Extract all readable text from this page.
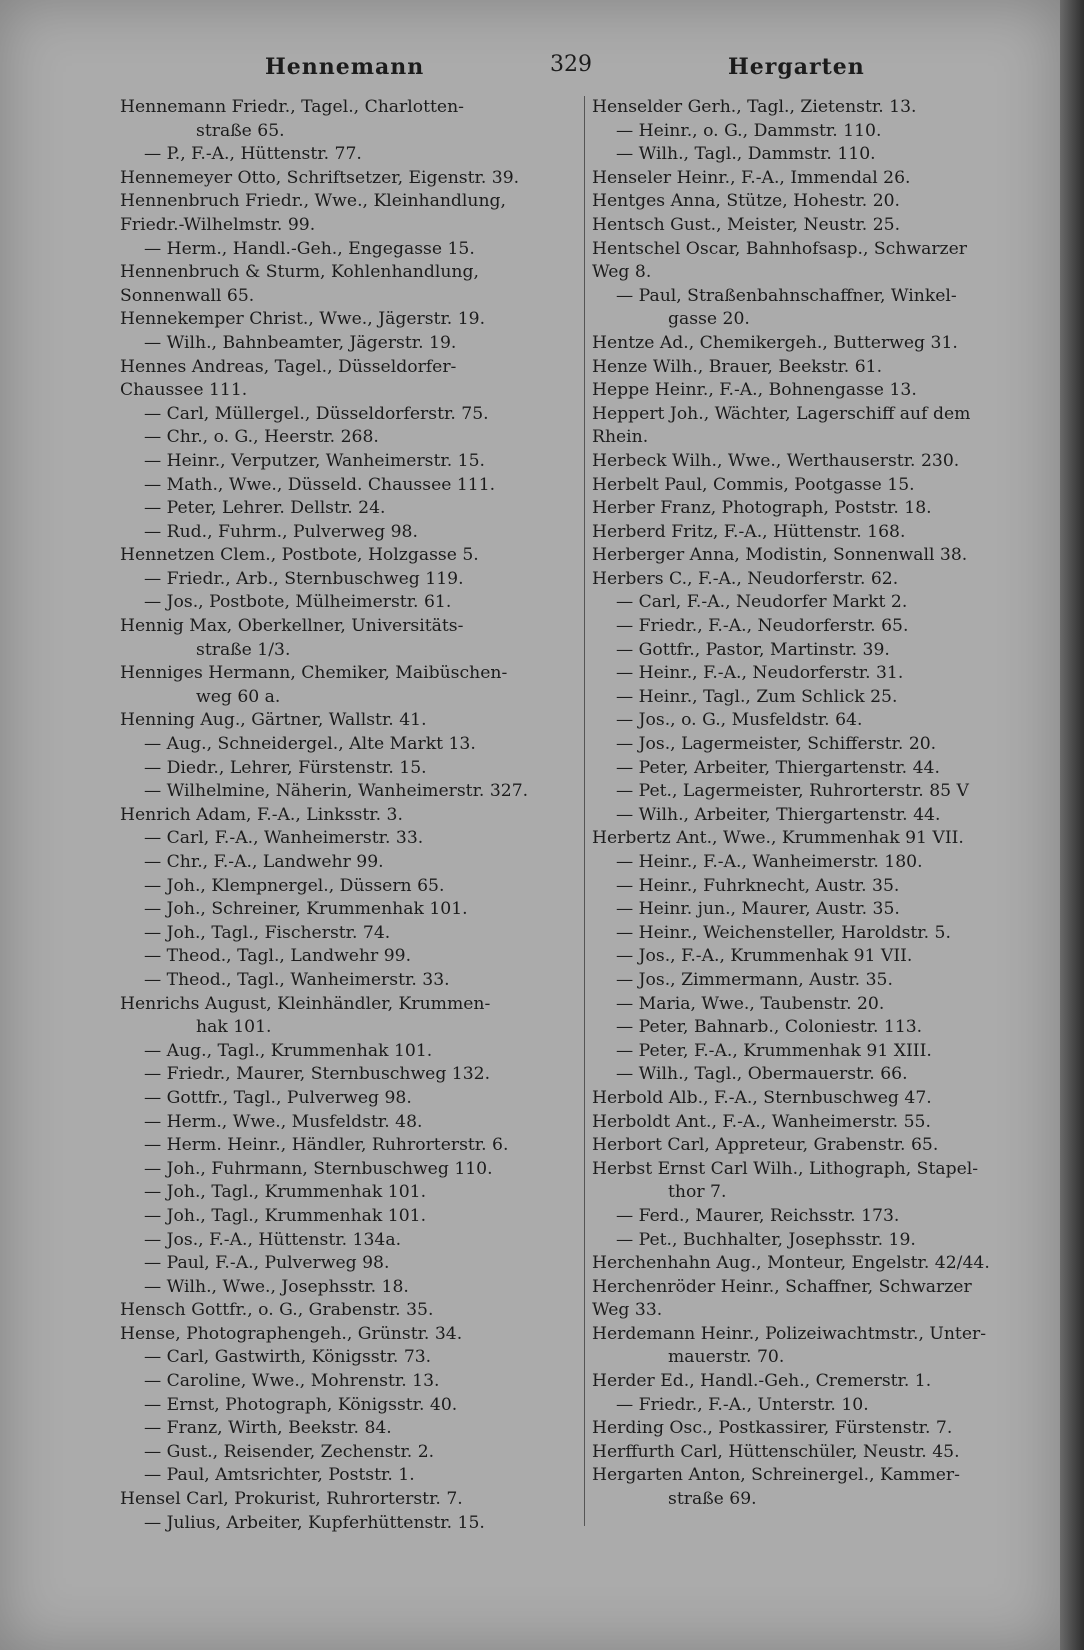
Hennemann	329	Hergarten
Hennemann Friedr., Tagel., Charlotten-
straße 65.
— P., F.-A., Hüttenstr. 77.
Hennemeyer Otto, Schriftsetzer, Eigenstr. 39.
Hennenbruch Friedr., Wwe., Kleinhandlung,
Friedr.-Wilhelmstr. 99.
— Herm., Handl.-Geh., Engegasse 15.
Hennenbruch & Sturm, Kohlenhandlung,
Sonnenwall 65.
Hennekemper Christ., Wwe., Jägerstr. 19.
— Wilh., Bahnbeamter, Jägerstr. 19.
Hennes Andreas, Tagel., Düsseldorfer-
Chaussee 111.
— Carl, Müllergel., Düsseldorferstr. 75.
— Chr., o. G., Heerstr. 268.
— Heinr., Verputzer, Wanheimerstr. 15.
— Math., Wwe., Düsseld. Chaussee 111.
— Peter, Lehrer. Dellstr. 24.
— Rud., Fuhrm., Pulverweg 98.
Hennetzen Clem., Postbote, Holzgasse 5.
— Friedr., Arb., Sternbuschweg 119.
— Jos., Postbote, Mülheimerstr. 61.
Hennig Max, Oberkellner, Universitäts-
straße 1/3.
Henniges Hermann, Chemiker, Maibüschen-
weg 60 a.
Henning Aug., Gärtner, Wallstr. 41.
— Aug., Schneidergel., Alte Markt 13.
— Diedr., Lehrer, Fürstenstr. 15.
— Wilhelmine, Näherin, Wanheimerstr. 327.
Henrich Adam, F.-A., Linksstr. 3.
— Carl, F.-A., Wanheimerstr. 33.
— Chr., F.-A., Landwehr 99.
— Joh., Klempnergel., Düssern 65.
— Joh., Schreiner, Krummenhak 101.
— Joh., Tagl., Fischerstr. 74.
— Theod., Tagl., Landwehr 99.
— Theod., Tagl., Wanheimerstr. 33.
Henrichs August, Kleinhändler, Krummen-
hak 101.
— Aug., Tagl., Krummenhak 101.
— Friedr., Maurer, Sternbuschweg 132.
— Gottfr., Tagl., Pulverweg 98.
— Herm., Wwe., Musfeldstr. 48.
— Herm. Heinr., Händler, Ruhrorterstr. 6.
— Joh., Fuhrmann, Sternbuschweg 110.
— Joh., Tagl., Krummenhak 101.
— Joh., Tagl., Krummenhak 101.
— Jos., F.-A., Hüttenstr. 134a.
— Paul, F.-A., Pulverweg 98.
— Wilh., Wwe., Josephsstr. 18.
Hensch Gottfr., o. G., Grabenstr. 35.
Hense, Photographengeh., Grünstr. 34.
— Carl, Gastwirth, Königsstr. 73.
— Caroline, Wwe., Mohrenstr. 13.
— Ernst, Photograph, Königsstr. 40.
— Franz, Wirth, Beekstr. 84.
— Gust., Reisender, Zechenstr. 2.
— Paul, Amtsrichter, Poststr. 1.
Hensel Carl, Prokurist, Ruhrorterstr. 7.
— Julius, Arbeiter, Kupferhüttenstr. 15.
Henselder Gerh., Tagl., Zietenstr. 13.
— Heinr., o. G., Dammstr. 110.
— Wilh., Tagl., Dammstr. 110.
Henseler Heinr., F.-A., Immendal 26.
Hentges Anna, Stütze, Hohestr. 20.
Hentsch Gust., Meister, Neustr. 25.
Hentschel Oscar, Bahnhofsasp., Schwarzer
Weg 8.
— Paul, Straßenbahnschaffner, Winkel-
gasse 20.
Hentze Ad., Chemikergeh., Butterweg 31.
Henze Wilh., Brauer, Beekstr. 61.
Heppe Heinr., F.-A., Bohnengasse 13.
Heppert Joh., Wächter, Lagerschiff auf dem
Rhein.
Herbeck Wilh., Wwe., Werthauserstr. 230.
Herbelt Paul, Commis, Pootgasse 15.
Herber Franz, Photograph, Poststr. 18.
Herberd Fritz, F.-A., Hüttenstr. 168.
Herberger Anna, Modistin, Sonnenwall 38.
Herbers C., F.-A., Neudorferstr. 62.
— Carl, F.-A., Neudorfer Markt 2.
— Friedr., F.-A., Neudorferstr. 65.
— Gottfr., Pastor, Martinstr. 39.
— Heinr., F.-A., Neudorferstr. 31.
— Heinr., Tagl., Zum Schlick 25.
— Jos., o. G., Musfeldstr. 64.
— Jos., Lagermeister, Schifferstr. 20.
— Peter, Arbeiter, Thiergartenstr. 44.
— Pet., Lagermeister, Ruhrorterstr. 85 V
— Wilh., Arbeiter, Thiergartenstr. 44.
Herbertz Ant., Wwe., Krummenhak 91 VII.
— Heinr., F.-A., Wanheimerstr. 180.
— Heinr., Fuhrknecht, Austr. 35.
— Heinr. jun., Maurer, Austr. 35.
— Heinr., Weichensteller, Haroldstr. 5.
— Jos., F.-A., Krummenhak 91 VII.
— Jos., Zimmermann, Austr. 35.
— Maria, Wwe., Taubenstr. 20.
— Peter, Bahnarb., Coloniestr. 113.
— Peter, F.-A., Krummenhak 91 XIII.
— Wilh., Tagl., Obermauerstr. 66.
Herbold Alb., F.-A., Sternbuschweg 47.
Herboldt Ant., F.-A., Wanheimerstr. 55.
Herbort Carl, Appreteur, Grabenstr. 65.
Herbst Ernst Carl Wilh., Lithograph, Stapel-
thor 7.
— Ferd., Maurer, Reichsstr. 173.
— Pet., Buchhalter, Josephsstr. 19.
Herchenhahn Aug., Monteur, Engelstr. 42/44.
Herchenröder Heinr., Schaffner, Schwarzer
Weg 33.
Herdemann Heinr., Polizeiwachtmstr., Unter-
mauerstr. 70.
Herder Ed., Handl.-Geh., Cremerstr. 1.
— Friedr., F.-A., Unterstr. 10.
Herding Osc., Postkassirer, Fürstenstr. 7.
Herffurth Carl, Hüttenschüler, Neustr. 45.
Hergarten Anton, Schreinergel., Kammer-
straße 69.
